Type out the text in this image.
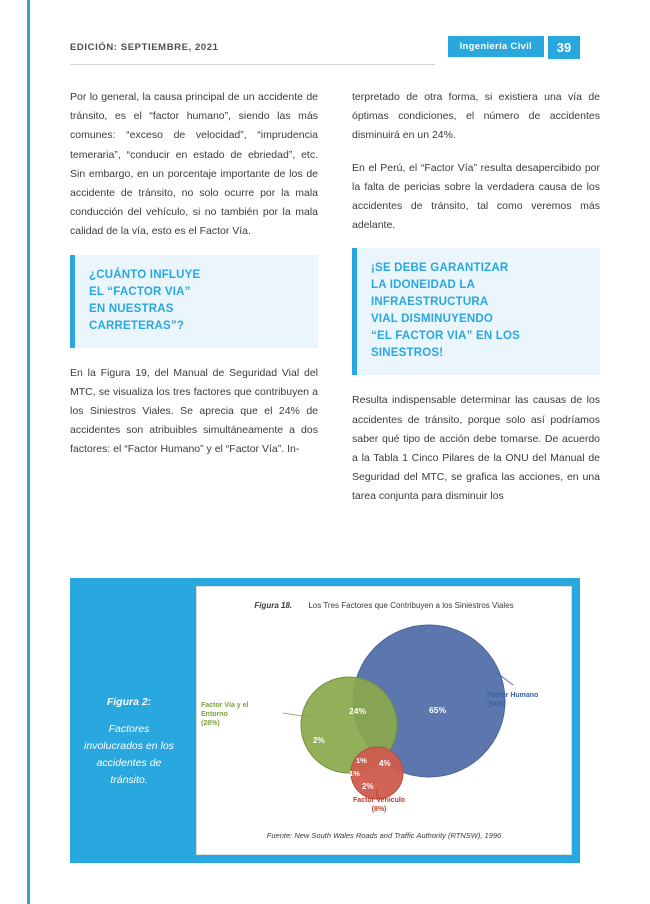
EDICIÓN: SEPTIEMBRE, 2021	Ingeniería Civil	39

Por lo general, la causa principal de un accidente de tránsito, es el “factor humano”, siendo las más comunes: “exceso de velocidad”, “imprudencia temeraria”, “conducir en estado de ebriedad”, etc. Sin embargo, en un porcentaje importante de los de accidente de tránsito, no solo ocurre por la mala conducción del vehículo, si no también por la mala calidad de la vía, esto es el Factor Vía.

¿CUÁNTO INFLUYE
EL “FACTOR VIA”
EN NUESTRAS
CARRETERAS”?

En la Figura 19, del Manual de Seguridad Vial del MTC, se visualiza los tres factores que contribuyen a los Siniestros Viales. Se aprecia que el 24% de accidentes son atribuibles simultáneamente a dos factores: el “Factor Humano” y el “Factor Vía”. In-

terpretado de otra forma, si existiera una vía de óptimas condiciones, el número de accidentes disminuirá en un 24%.

En el Perú, el “Factor Vía” resulta desapercibido por la falta de pericias sobre la verdadera causa de los accidentes de tránsito, tal como veremos más adelante.

¡SE DEBE GARANTIZAR
LA IDONEIDAD LA
INFRAESTRUCTURA
VIAL DISMINUYENDO
“EL FACTOR VIA” EN LOS
SINESTROS!

Resulta indispensable determinar las causas de los accidentes de tránsito, porque solo así podríamos saber qué tipo de acción debe tomarse. De acuerdo a la Tabla 1 Cinco Pilares de la ONU del Manual de Seguridad del MTC, se grafica las acciones, en una tarea conjunta para disminuir los

Figura 2:
Factores involucrados en los accidentes de tránsito.
Figura 18. Los Tres Factores que Contribuyen a los Siniestros Viales
Factor Humano
(94%)
Factor Vía y el
Entorno
(28%)
Factor Vehículo
(8%)
65%
24%
2%
1%
1%
4%
2%
Fuente: New South Wales Roads and Traffic Authority (RTNSW), 1996
